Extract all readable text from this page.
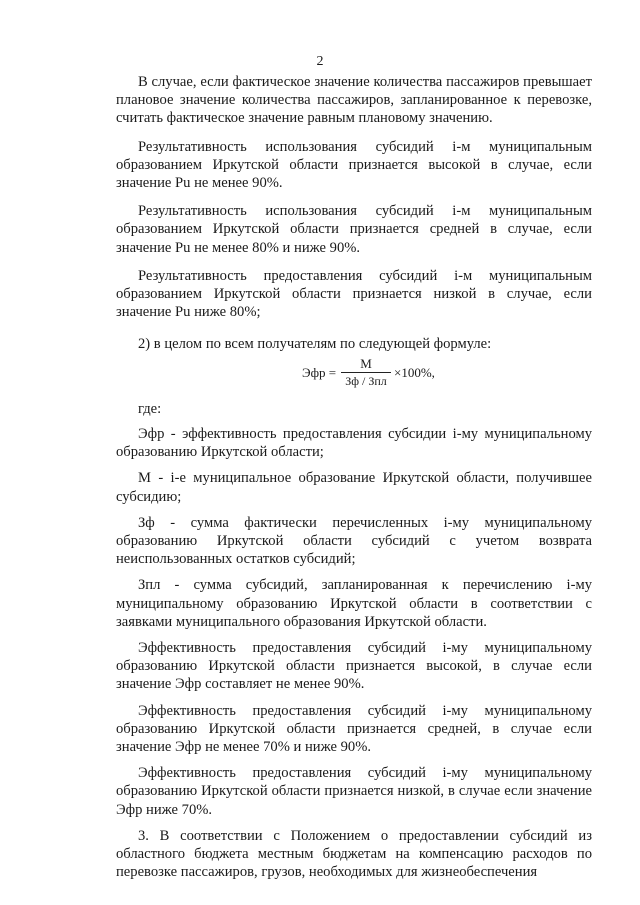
2

В случае, если фактическое значение количества пассажиров превышает плановое значение количества пассажиров, запланированное к перевозке, считать фактическое значение равным плановому значению.

Результативность использования субсидий i-м муниципальным образованием Иркутской области признается высокой в случае, если значение Pu не менее 90%.

Результативность использования субсидий i-м муниципальным образованием Иркутской области признается средней в случае, если значение Pu не менее 80% и ниже 90%.

Результативность предоставления субсидий i-м муниципальным образованием Иркутской области признается низкой в случае, если значение Pu ниже 80%;

2) в целом по всем получателям по следующей формуле:

Эфр =
М
Зф / Зпл
×100%,

где:

Эфр - эффективность предоставления субсидии i-му муниципальному образованию Иркутской области;

М - i-е муниципальное образование Иркутской области, получившее субсидию;

Зф - сумма фактически перечисленных i-му муниципальному образованию Иркутской области субсидий с учетом возврата неиспользованных остатков субсидий;

Зпл - сумма субсидий, запланированная к перечислению i-му муниципальному образованию Иркутской области в соответствии с заявками муниципального образования Иркутской области.

Эффективность предоставления субсидий i-му муниципальному образованию Иркутской области признается высокой, в случае если значение Эфр составляет не менее 90%.

Эффективность предоставления субсидий i-му муниципальному образованию Иркутской области признается средней, в случае если значение Эфр не менее 70% и ниже 90%.

Эффективность предоставления субсидий i-му муниципальному образованию Иркутской области признается низкой, в случае если значение Эфр ниже 70%.

3. В соответствии с Положением о предоставлении субсидий из областного бюджета местным бюджетам на компенсацию расходов по перевозке пассажиров, грузов, необходимых для жизнеобеспечения
